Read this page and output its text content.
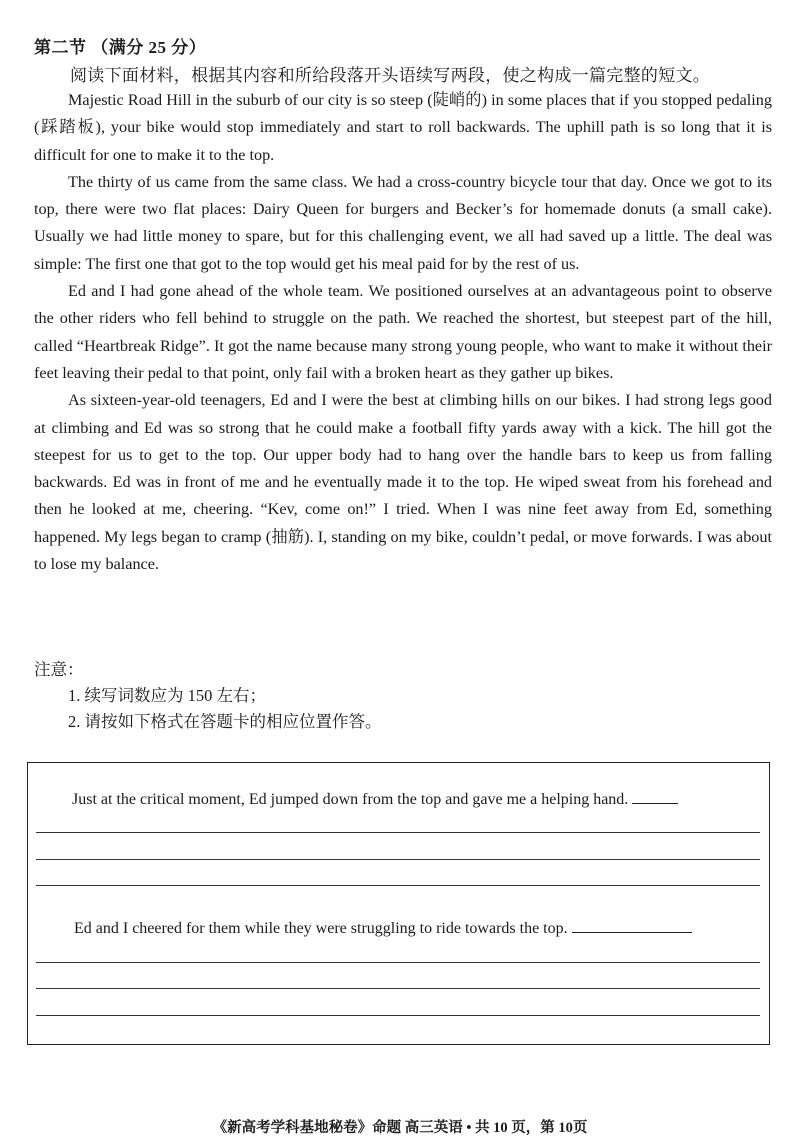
第二节 （满分 25 分）
阅读下面材料，根据其内容和所给段落开头语续写两段，使之构成一篇完整的短文。

Majestic Road Hill in the suburb of our city is so steep (陡峭的) in some places that if you stopped pedaling (踩踏板), your bike would stop immediately and start to roll backwards. The uphill path is so long that it is difficult for one to make it to the top.

The thirty of us came from the same class. We had a cross-country bicycle tour that day. Once we got to its top, there were two flat places: Dairy Queen for burgers and Becker’s for homemade donuts (a small cake). Usually we had little money to spare, but for this challenging event, we all had saved up a little. The deal was simple: The first one that got to the top would get his meal paid for by the rest of us.

Ed and I had gone ahead of the whole team. We positioned ourselves at an advantageous point to observe the other riders who fell behind to struggle on the path. We reached the shortest, but steepest part of the hill, called “Heartbreak Ridge”. It got the name because many strong young people, who want to make it without their feet leaving their pedal to that point, only fail with a broken heart as they gather up bikes.

As sixteen-year-old teenagers, Ed and I were the best at climbing hills on our bikes. I had strong legs good at climbing and Ed was so strong that he could make a football fifty yards away with a kick. The hill got the steepest for us to get to the top. Our upper body had to hang over the handle bars to keep us from falling backwards. Ed was in front of me and he eventually made it to the top. He wiped sweat from his forehead and then he looked at me, cheering. “Kev, come on!” I tried. When I was nine feet away from Ed, something happened. My legs began to cramp (抽筋). I, standing on my bike, couldn’t pedal, or move forwards. I was about to lose my balance.

注意：
1. 续写词数应为 150 左右；
2. 请按如下格式在答题卡的相应位置作答。
Just at the critical moment, Ed jumped down from the top and gave me a helping hand.
Ed and I cheered for them while they were struggling to ride towards the top.
《新高考学科基地秘卷》命题 高三英语 • 共 10 页，第 10页
